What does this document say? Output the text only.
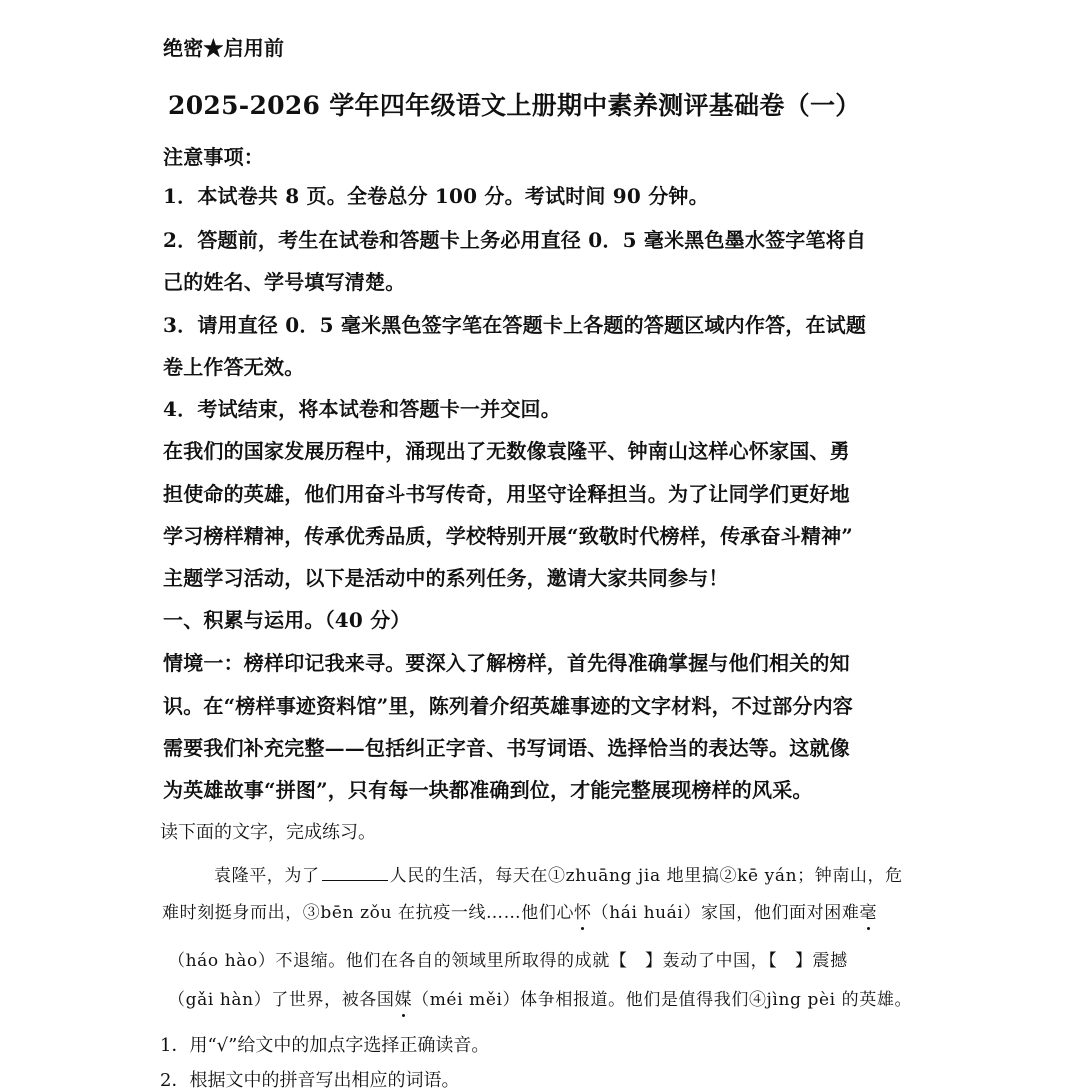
绝密★启用前
2025-2026 学年四年级语文上册期中素养测评基础卷（一）
注意事项：
1．本试卷共 8 页。全卷总分 100 分。考试时间 90 分钟。
2．答题前，考生在试卷和答题卡上务必用直径 0．5 毫米黑色墨水签字笔将自
己的姓名、学号填写清楚。
3．请用直径 0．5 毫米黑色签字笔在答题卡上各题的答题区域内作答，在试题
卷上作答无效。
4．考试结束，将本试卷和答题卡一并交回。
在我们的国家发展历程中，涌现出了无数像袁隆平、钟南山这样心怀家国、勇
担使命的英雄，他们用奋斗书写传奇，用坚守诠释担当。为了让同学们更好地
学习榜样精神，传承优秀品质，学校特别开展“致敬时代榜样，传承奋斗精神”
主题学习活动，以下是活动中的系列任务，邀请大家共同参与！
一、积累与运用。（40 分）
情境一：榜样印记我来寻。要深入了解榜样，首先得准确掌握与他们相关的知
识。在“榜样事迹资料馆”里，陈列着介绍英雄事迹的文字材料，不过部分内容
需要我们补充完整——包括纠正字音、书写词语、选择恰当的表达等。这就像
为英雄故事“拼图”，只有每一块都准确到位，才能完整展现榜样的风采。
读下面的文字，完成练习。
袁隆平，为了	人民的生活，每天在①zhuāng jia 地里搞②kē yán；钟南山，危
难时刻挺身而出，③bēn zǒu 在抗疫一线……他们心怀（hái huái）家国，他们面对困难毫
（háo hào）不退缩。他们在各自的领域里所取得的成就【　】轰动了中国，【　】震撼
（gǎi hàn）了世界，被各国媒（méi měi）体争相报道。他们是值得我们④jìng pèi 的英雄。
1．用“√”给文中的加点字选择正确读音。
2．根据文中的拼音写出相应的词语。
